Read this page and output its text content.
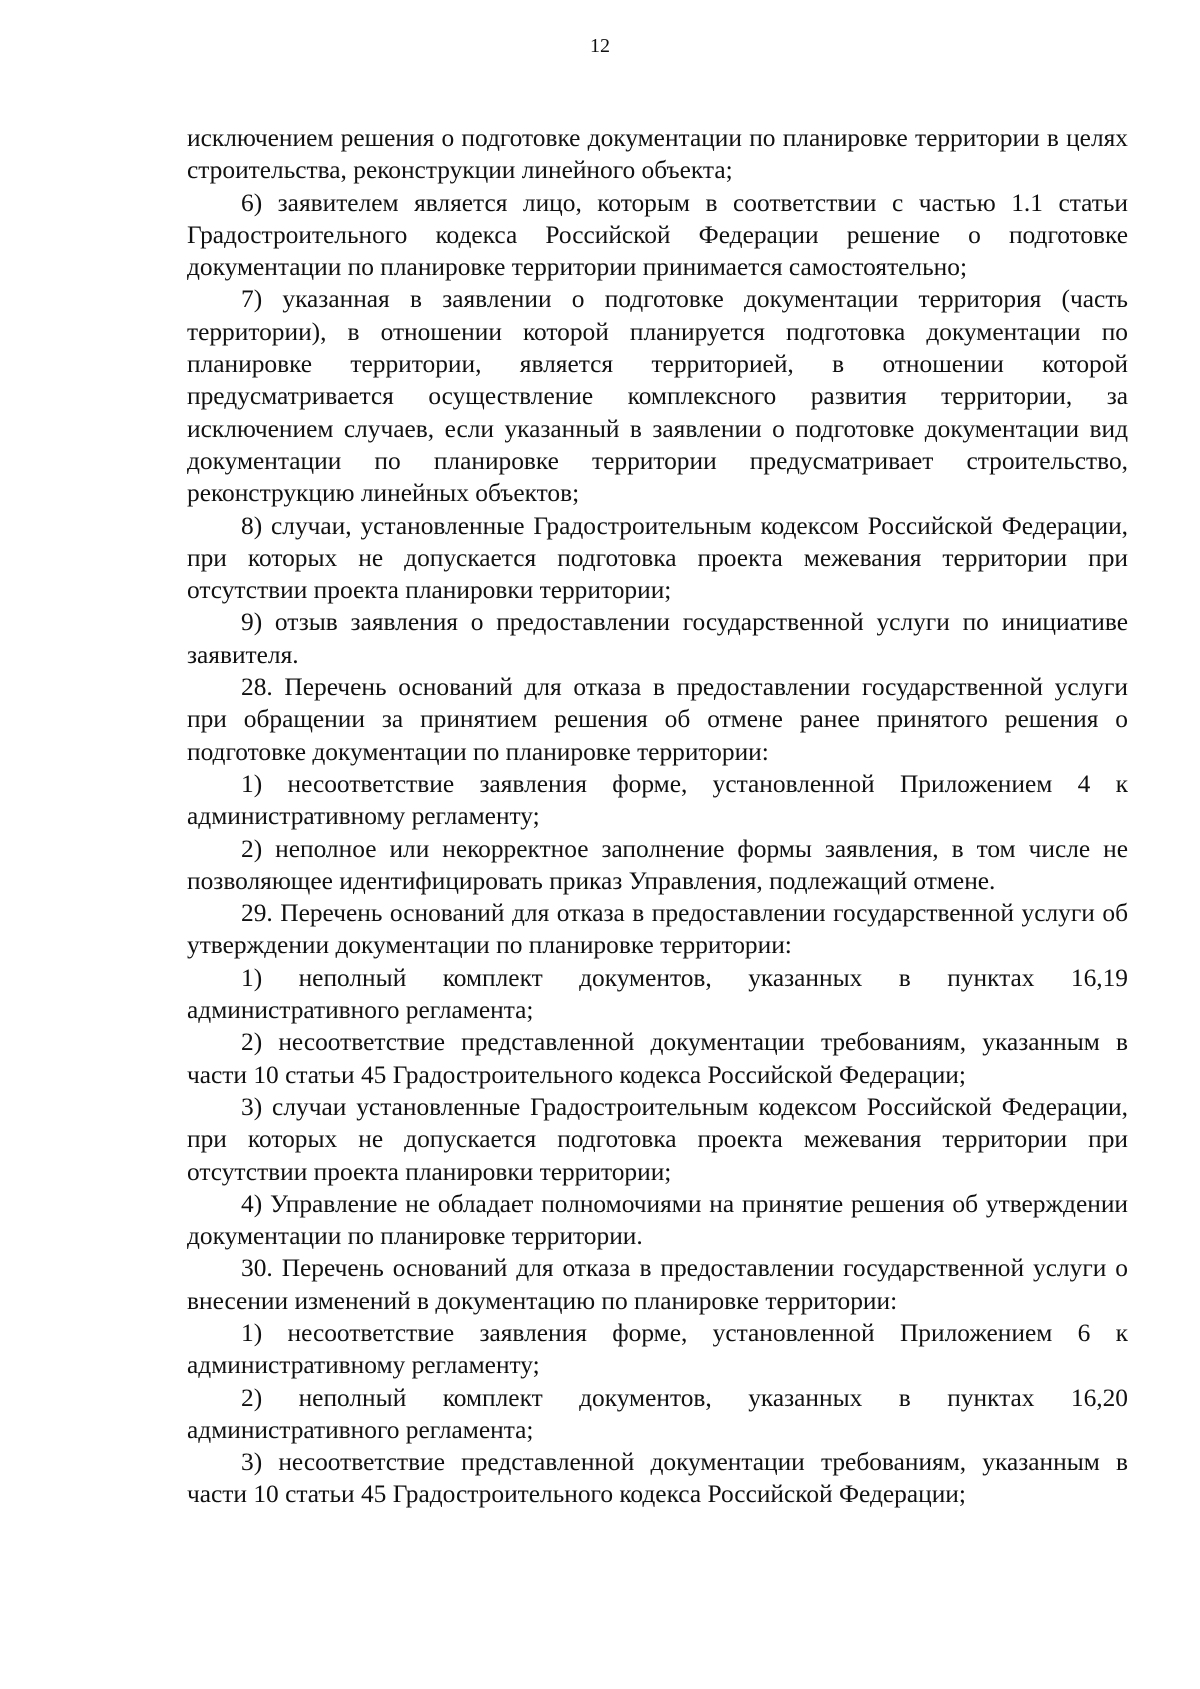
12

исключением решения о подготовке документации по планировке территории в целях строительства, реконструкции линейного объекта;

6) заявителем является лицо, которым в соответствии с частью 1.1 статьи Градостроительного кодекса Российской Федерации решение о подготовке документации по планировке территории принимается самостоятельно;

7) указанная в заявлении о подготовке документации территория (часть территории), в отношении которой планируется подготовка документации по планировке территории, является территорией, в отношении которой предусматривается осуществление комплексного развития территории, за исключением случаев, если указанный в заявлении о подготовке документации вид документации по планировке территории предусматривает строительство, реконструкцию линейных объектов;

8) случаи, установленные Градостроительным кодексом Российской Федерации, при которых не допускается подготовка проекта межевания территории при отсутствии проекта планировки территории;

9) отзыв заявления о предоставлении государственной услуги по инициативе заявителя.

28. Перечень оснований для отказа в предоставлении государственной услуги при обращении за принятием решения об отмене ранее принятого решения о подготовке документации по планировке территории:

1) несоответствие заявления форме, установленной Приложением 4 к административному регламенту;

2) неполное или некорректное заполнение формы заявления, в том числе не позволяющее идентифицировать приказ Управления, подлежащий отмене.

29. Перечень оснований для отказа в предоставлении государственной услуги об утверждении документации по планировке территории:

1) неполный комплект документов, указанных в пунктах 16,19 административного регламента;

2) несоответствие представленной документации требованиям, указанным в части 10 статьи 45 Градостроительного кодекса Российской Федерации;

3) случаи установленные Градостроительным кодексом Российской Федерации, при которых не допускается подготовка проекта межевания территории при отсутствии проекта планировки территории;

4) Управление не обладает полномочиями на принятие решения об утверждении документации по планировке территории.

30. Перечень оснований для отказа в предоставлении государственной услуги о внесении изменений в документацию по планировке территории:

1) несоответствие заявления форме, установленной Приложением 6 к административному регламенту;

2) неполный комплект документов, указанных в пунктах 16,20 административного регламента;

3) несоответствие представленной документации требованиям, указанным в части 10 статьи 45 Градостроительного кодекса Российской Федерации;
